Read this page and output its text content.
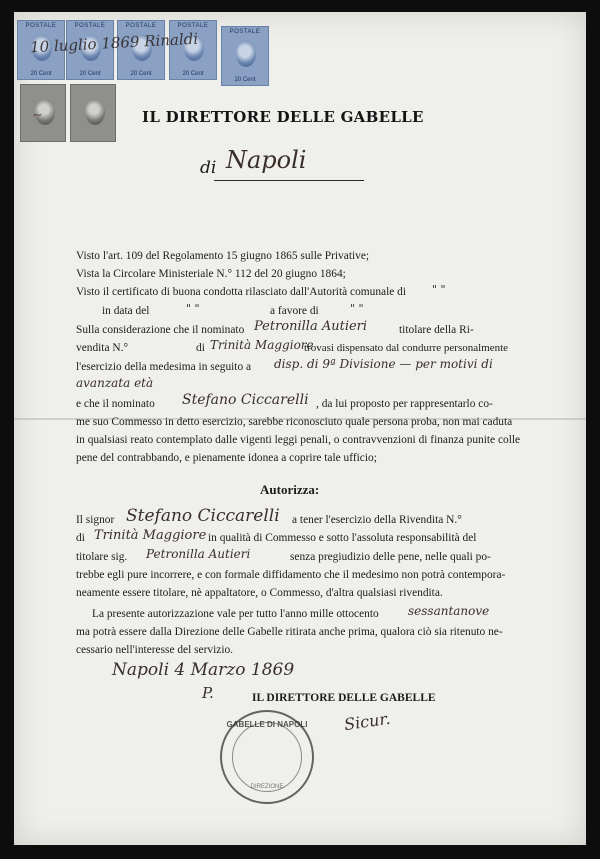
POSTALE
20 Cent
POSTALE
20 Cent
POSTALE
20 Cent
POSTALE
20 Cent
POSTALE
20 Cent
10 luglio 1869 Rinaldi
~	IL DIRETTORE DELLE GABELLE
di Napoli
Visto l'art. 109 del Regolamento 15 giugno 1865 sulle Privative;
Vista la Circolare Ministeriale N.° 112 del 20 giugno 1864;
Visto il certificato di buona condotta rilasciato dall'Autorità comunale di " "
in data del	" "	a favore di	" "
Sulla considerazione che il nominato Petronilla Autieri	titolare della Ri-
vendita N.°	di Trinità Maggiore
trovasi dispensato dal condurre personalmente
l'esercizio della medesima in seguito a disp. di 9ª Divisione — per motivi di
avanzata età
e che il nominato Stefano Ciccarelli , da lui proposto per rappresentarlo co-
me suo Commesso in detto esercizio, sarebbe riconosciuto quale persona proba, non mai caduta
in qualsiasi reato contemplato dalle vigenti leggi penali, o contravvenzioni di finanza punite colle
pene del contrabbando, e pienamente idonea a coprire tale ufficio;
Autorizza:
Il signor Stefano Ciccarelli a tener l'esercizio della Rivendita N.°
di Trinità Maggiore in qualità di Commesso e sotto l'assoluta responsabilità del
titolare sig. Petronilla Autieri	senza pregiudizio delle pene, nelle quali po-
trebbe egli pure incorrere, e con formale diffidamento che il medesimo non potrà contempora-
neamente essere titolare, nè appaltatore, o Commesso, d'altra qualsiasi rivendita.
La presente autorizzazione vale per tutto l'anno mille ottocento sessantanove
ma potrà essere dalla Direzione delle Gabelle ritirata anche prima, qualora ciò sia ritenuto ne-
cessario nell'interesse del servizio.
Napoli 4 Marzo 1869
P.	IL DIRETTORE DELLE GABELLE
GABELLE DI NAPOLI
DIREZIONE
Sicur.
